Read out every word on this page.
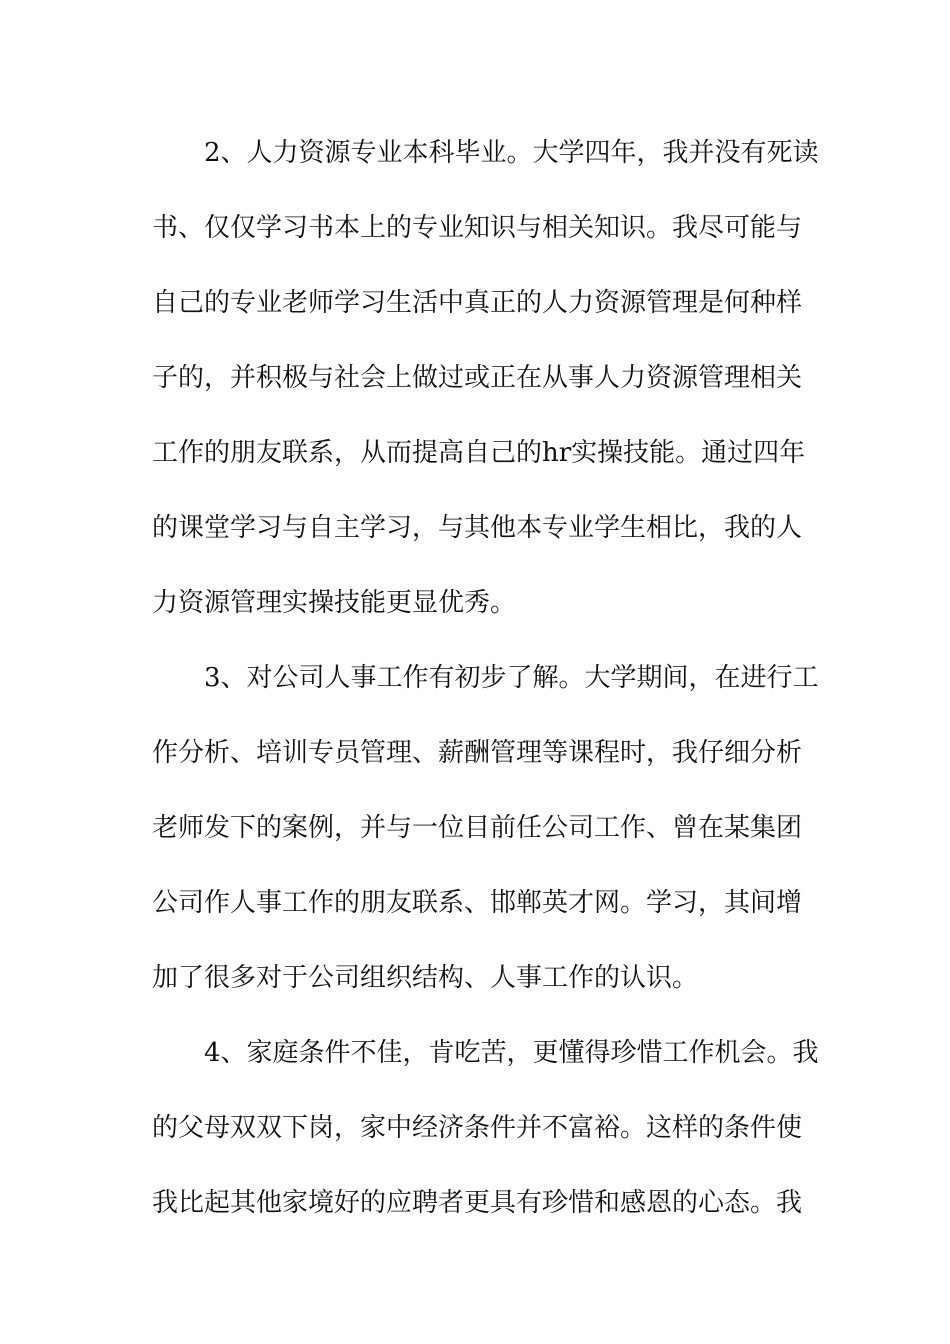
2、人力资源专业本科毕业。大学四年，我并没有死读
书、仅仅学习书本上的专业知识与相关知识。我尽可能与
自己的专业老师学习生活中真正的人力资源管理是何种样
子的，并积极与社会上做过或正在从事人力资源管理相关
工作的朋友联系，从而提高自己的hr实操技能。通过四年
的课堂学习与自主学习，与其他本专业学生相比，我的人
力资源管理实操技能更显优秀。
3、对公司人事工作有初步了解。大学期间，在进行工
作分析、培训专员管理、薪酬管理等课程时，我仔细分析
老师发下的案例，并与一位目前任公司工作、曾在某集团
公司作人事工作的朋友联系、邯郸英才网。学习，其间增
加了很多对于公司组织结构、人事工作的认识。
4、家庭条件不佳，肯吃苦，更懂得珍惜工作机会。我
的父母双双下岗，家中经济条件并不富裕。这样的条件使
我比起其他家境好的应聘者更具有珍惜和感恩的心态。我
